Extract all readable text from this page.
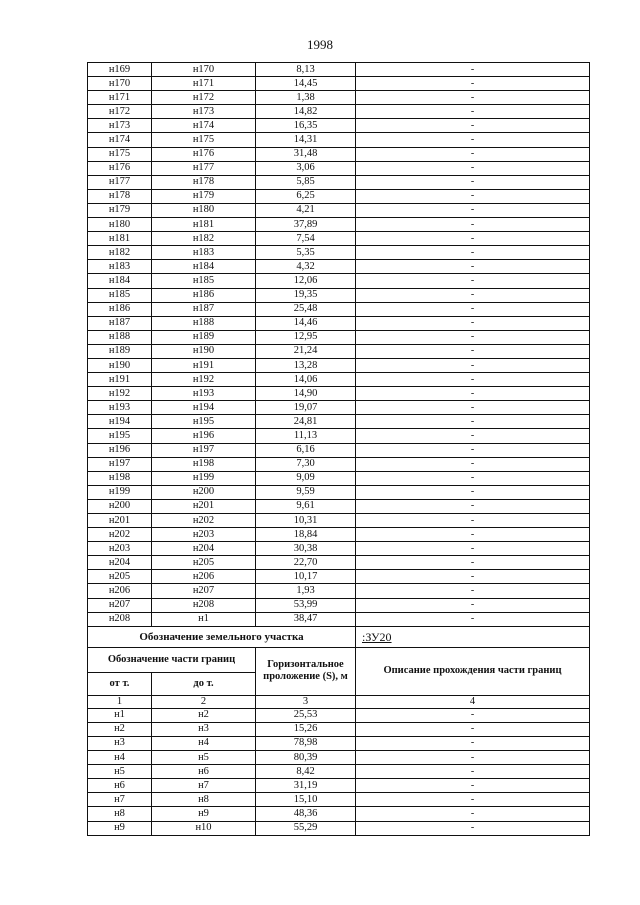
1998
н169	н170	8,13	-
н170	н171	14,45	-
н171	н172	1,38	-
н172	н173	14,82	-
н173	н174	16,35	-
н174	н175	14,31	-
н175	н176	31,48	-
н176	н177	3,06	-
н177	н178	5,85	-
н178	н179	6,25	-
н179	н180	4,21	-
н180	н181	37,89	-
н181	н182	7,54	-
н182	н183	5,35	-
н183	н184	4,32	-
н184	н185	12,06	-
н185	н186	19,35	-
н186	н187	25,48	-
н187	н188	14,46	-
н188	н189	12,95	-
н189	н190	21,24	-
н190	н191	13,28	-
н191	н192	14,06	-
н192	н193	14,90	-
н193	н194	19,07	-
н194	н195	24,81	-
н195	н196	11,13	-
н196	н197	6,16	-
н197	н198	7,30	-
н198	н199	9,09	-
н199	н200	9,59	-
н200	н201	9,61	-
н201	н202	10,31	-
н202	н203	18,84	-
н203	н204	30,38	-
н204	н205	22,70	-
н205	н206	10,17	-
н206	н207	1,93	-
н207	н208	53,99	-
н208	н1	38,47	-
Обозначение земельного участка			:ЗУ20
Обозначение части границ		Горизонтальное проложение (S), м	Описание прохождения части границ
от т.	до т.		
1	2	3	4
н1	н2	25,53	-
н2	н3	15,26	-
н3	н4	78,98	-
н4	н5	80,39	-
н5	н6	8,42	-
н6	н7	31,19	-
н7	н8	15,10	-
н8	н9	48,36	-
н9	н10	55,29	-
